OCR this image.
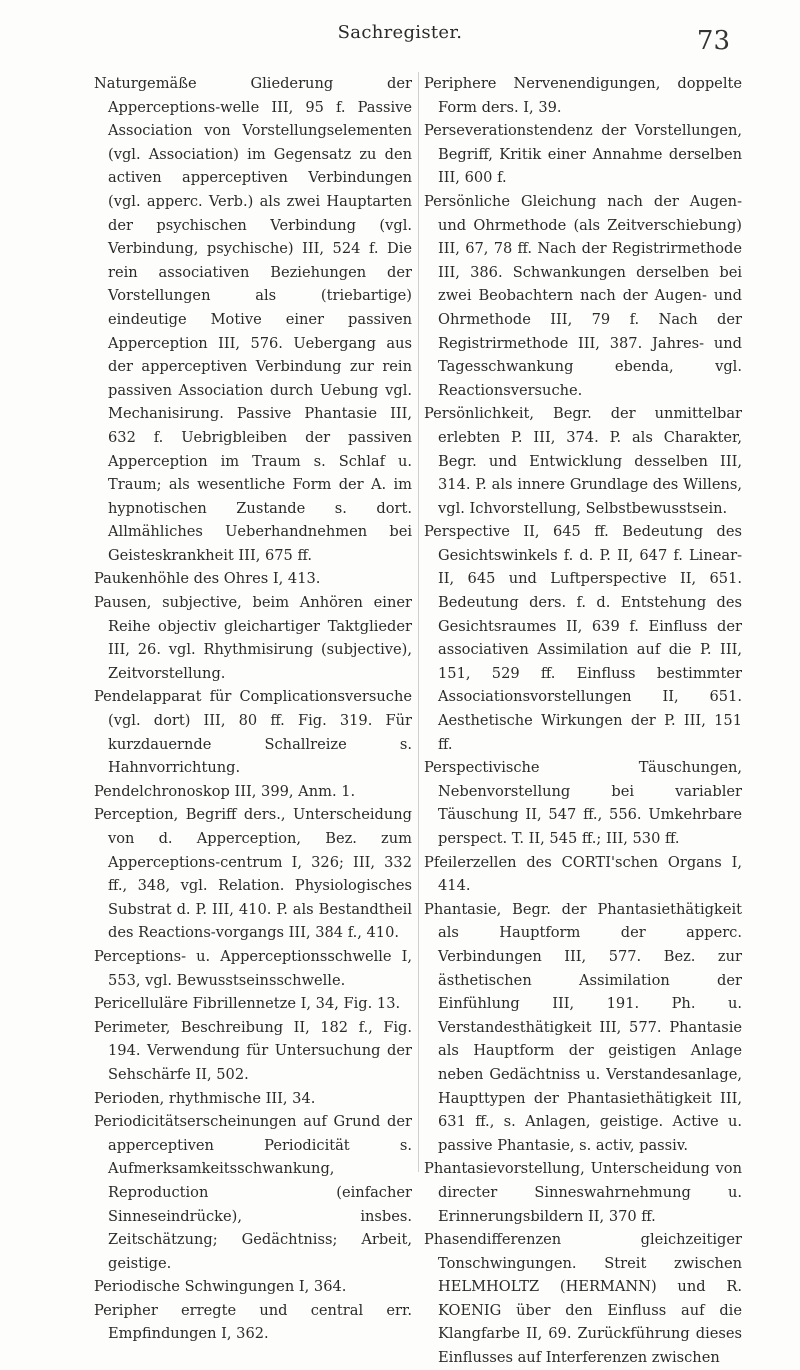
Sachregister.	73

Naturgemäße Gliederung der Apperceptions-welle III, 95 f. Passive Association von Vorstellungselementen (vgl. Association) im Gegensatz zu den activen apperceptiven Verbindungen (vgl. apperc. Verb.) als zwei Hauptarten der psychischen Verbindung (vgl. Verbindung, psychische) III, 524 f. Die rein associativen Beziehungen der Vorstellungen als (triebartige) eindeutige Motive einer passiven Apperception III, 576. Uebergang aus der apperceptiven Verbindung zur rein passiven Association durch Uebung vgl. Mechanisirung. Passive Phantasie III, 632 f. Uebrigbleiben der passiven Apperception im Traum s. Schlaf u. Traum; als wesentliche Form der A. im hypnotischen Zustande s. dort. Allmähliches Ueberhandnehmen bei Geisteskrankheit III, 675 ff.

Paukenhöhle des Ohres I, 413.

Pausen, subjective, beim Anhören einer Reihe objectiv gleichartiger Taktglieder III, 26. vgl. Rhythmisirung (subjective), Zeitvorstellung.

Pendelapparat für Complicationsversuche (vgl. dort) III, 80 ff. Fig. 319. Für kurzdauernde Schallreize s. Hahnvorrichtung.

Pendelchronoskop III, 399, Anm. 1.

Perception, Begriff ders., Unterscheidung von d. Apperception, Bez. zum Apperceptions-centrum I, 326; III, 332 ff., 348, vgl. Relation. Physiologisches Substrat d. P. III, 410. P. als Bestandtheil des Reactions-vorgangs III, 384 f., 410.

Perceptions- u. Apperceptionsschwelle I, 553, vgl. Bewusstseinsschwelle.

Pericelluläre Fibrillennetze I, 34, Fig. 13.

Perimeter, Beschreibung II, 182 f., Fig. 194. Verwendung für Untersuchung der Sehschärfe II, 502.

Perioden, rhythmische III, 34.

Periodicitätserscheinungen auf Grund der apperceptiven Periodicität s. Aufmerksamkeitsschwankung, Reproduction (einfacher Sinneseindrücke), insbes. Zeitschätzung; Gedächtniss; Arbeit, geistige.

Periodische Schwingungen I, 364.

Peripher erregte und central err. Empfindungen I, 362.

Periphere Nervenendigungen, doppelte Form ders. I, 39.

Perseverationstendenz der Vorstellungen, Begriff, Kritik einer Annahme derselben III, 600 f.

Persönliche Gleichung nach der Augen- und Ohrmethode (als Zeitverschiebung) III, 67, 78 ff. Nach der Registrirmethode III, 386. Schwankungen derselben bei zwei Beobachtern nach der Augen- und Ohrmethode III, 79 f. Nach der Registrirmethode III, 387. Jahres- und Tagesschwankung ebenda, vgl. Reactionsversuche.

Persönlichkeit, Begr. der unmittelbar erlebten P. III, 374. P. als Charakter, Begr. und Entwicklung desselben III, 314. P. als innere Grundlage des Willens, vgl. Ichvorstellung, Selbstbewusstsein.

Perspective II, 645 ff. Bedeutung des Gesichtswinkels f. d. P. II, 647 f. Linear- II, 645 und Luftperspective II, 651. Bedeutung ders. f. d. Entstehung des Gesichtsraumes II, 639 f. Einfluss der associativen Assimilation auf die P. III, 151, 529 ff. Einfluss bestimmter Associationsvorstellungen II, 651. Aesthetische Wirkungen der P. III, 151 ff.

Perspectivische Täuschungen, Nebenvorstellung bei variabler Täuschung II, 547 ff., 556. Umkehrbare perspect. T. II, 545 ff.; III, 530 ff.

Pfeilerzellen des CORTI'schen Organs I, 414.

Phantasie, Begr. der Phantasiethätigkeit als Hauptform der apperc. Verbindungen III, 577. Bez. zur ästhetischen Assimilation der Einfühlung III, 191. Ph. u. Verstandesthätigkeit III, 577. Phantasie als Hauptform der geistigen Anlage neben Gedächtniss u. Verstandesanlage, Haupttypen der Phantasiethätigkeit III, 631 ff., s. Anlagen, geistige. Active u. passive Phantasie, s. activ, passiv.

Phantasievorstellung, Unterscheidung von directer Sinneswahrnehmung u. Erinnerungsbildern II, 370 ff.

Phasendifferenzen gleichzeitiger Tonschwingungen. Streit zwischen HELMHOLTZ (HERMANN) und R. KOENIG über den Einfluss auf die Klangfarbe II, 69. Zurückführung dieses Einflusses auf Interferenzen zwischen
